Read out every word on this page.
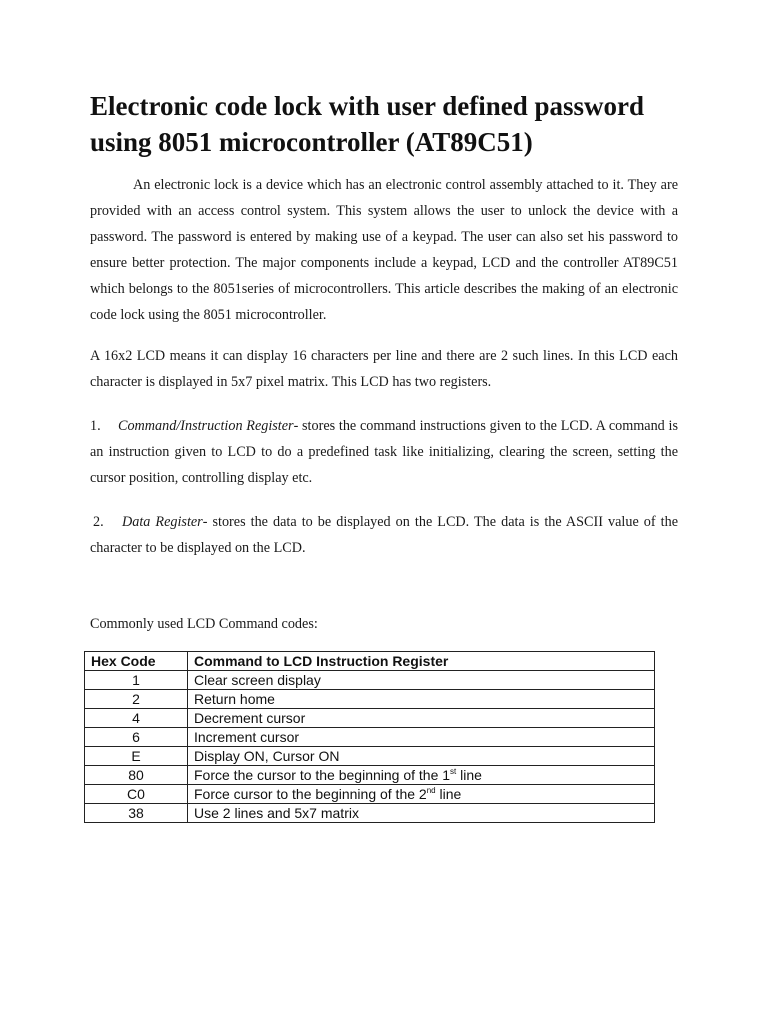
Electronic code lock with user defined password using 8051 microcontroller (AT89C51)

An electronic lock is a device which has an electronic control assembly attached to it. They are provided with an access control system. This system allows the user to unlock the device with a password. The password is entered by making use of a keypad. The user can also set his password to ensure better protection. The major components include a keypad, LCD and the controller AT89C51 which belongs to the 8051series of microcontrollers. This article describes the making of an electronic code lock using the 8051 microcontroller.

A 16x2 LCD means it can display 16 characters per line and there are 2 such lines. In this LCD each character is displayed in 5x7 pixel matrix. This LCD has two registers.

1. Command/Instruction Register- stores the command instructions given to the LCD. A command is an instruction given to LCD to do a predefined task like initializing, clearing the screen, setting the cursor position, controlling display etc.

2. Data Register- stores the data to be displayed on the LCD. The data is the ASCII value of the character to be displayed on the LCD.

Commonly used LCD Command codes:

Hex Code	Command to LCD Instruction Register
1	Clear screen display
2	Return home
4	Decrement cursor
6	Increment cursor
E	Display ON, Cursor ON
80	Force the cursor to the beginning of the 1st line
C0	Force cursor to the beginning of the 2nd line
38	Use 2 lines and 5x7 matrix
